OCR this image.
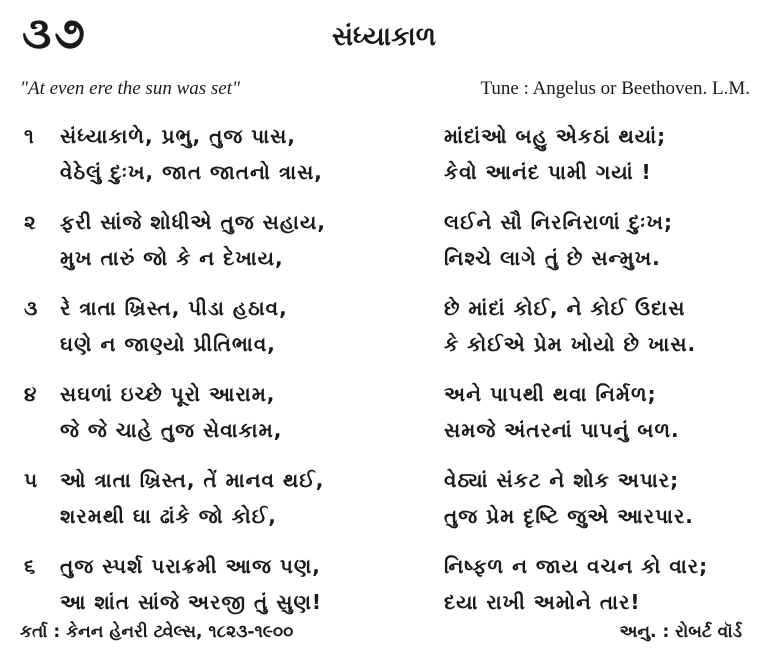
૩૭	સંધ્યાકાળ
"At even ere the sun was set"	Tune : Angelus or Beethoven. L.M.
૧	સંધ્યાકાળે, પ્રભુ, તુજ પાસ,	માંદાંઓ બહુ એકઠાં થયાં;
વેઠેલું દુઃખ, જાત જાતનો ત્રાસ,	કેવો આનંદ પામી ગયાં !
૨	ફરી સાંજે શોધીએ તુજ સહાય,	લઈને સૌ નિરનિરાળાં દુઃખ;
મુખ તારું જો કે ન દેખાય,	નિશ્ચે લાગે તું છે સન્મુખ.
૩	રે ત્રાતા ખ્રિસ્ત, પીડા હઠાવ,	છે માંદાં કોઈ, ને કોઈ ઉદાસ
ઘણે ન જાણ્યો પ્રીતિભાવ,	કે કોઈએ પ્રેમ ખોયો છે ખાસ.
૪	સઘળાં ઇચ્છે પૂરો આરામ,	અને પાપથી થવા નિર્મળ;
જે જે ચાહે તુજ સેવાકામ,	સમજે અંતરનાં પાપનું બળ.
૫	ઓ ત્રાતા ખ્રિસ્ત, તેં માનવ થઈ,	વેઠ્યાં સંકટ ને શોક અપાર;
શરમથી ઘા ઢાંકે જો કોઈ,	તુજ પ્રેમ દૃષ્ટિ જુએ આરપાર.
૬	તુજ સ્પર્શ પરાક્રમી આજ પણ,	નિષ્ફળ ન જાય વચન કો વાર;
આ શાંત સાંજે અરજી તું સુણ!	દયા રાખી અમોને તાર!
કર્તા : કેનન હેનરી ટ્વેલ્સ, ૧૮૨૩-૧૯૦૦	અનુ. : રોબર્ટ વૉર્ડ
